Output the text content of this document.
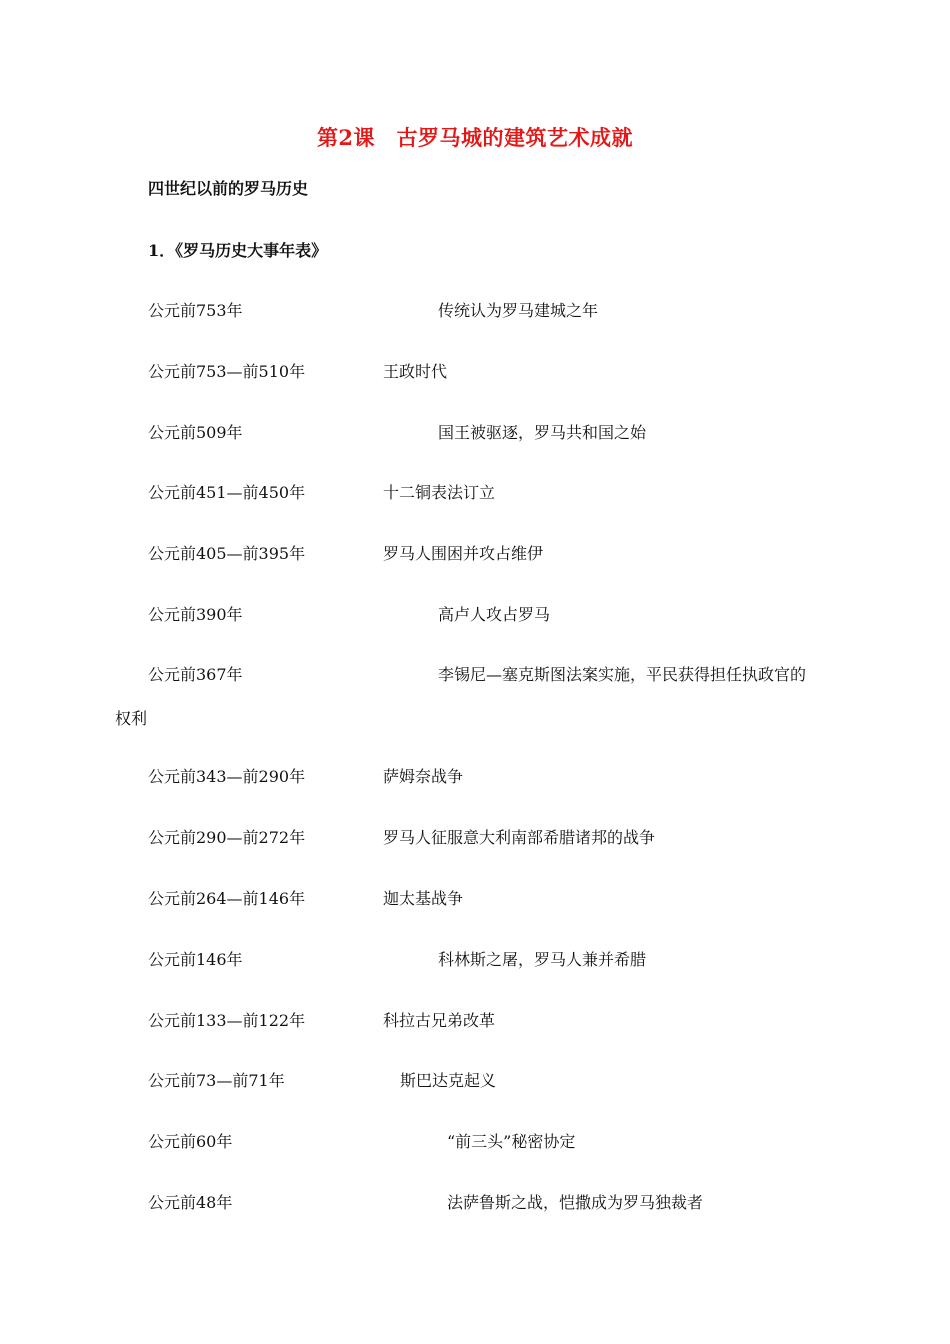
第2课　古罗马城的建筑艺术成就
四世纪以前的罗马历史
1．《罗马历史大事年表》
公元前753年	传统认为罗马建城之年
公元前753—前510年	王政时代
公元前509年	国王被驱逐，罗马共和国之始
公元前451—前450年	十二铜表法订立
公元前405—前395年	罗马人围困并攻占维伊
公元前390年	高卢人攻占罗马
公元前367年	李锡尼—塞克斯图法案实施，平民获得担任执政官的
权利
公元前343—前290年	萨姆奈战争
公元前290—前272年	罗马人征服意大利南部希腊诸邦的战争
公元前264—前146年	迦太基战争
公元前146年	科林斯之屠，罗马人兼并希腊
公元前133—前122年	科拉古兄弟改革
公元前73—前71年	斯巴达克起义
公元前60年	“前三头”秘密协定
公元前48年	法萨鲁斯之战，恺撒成为罗马独裁者
